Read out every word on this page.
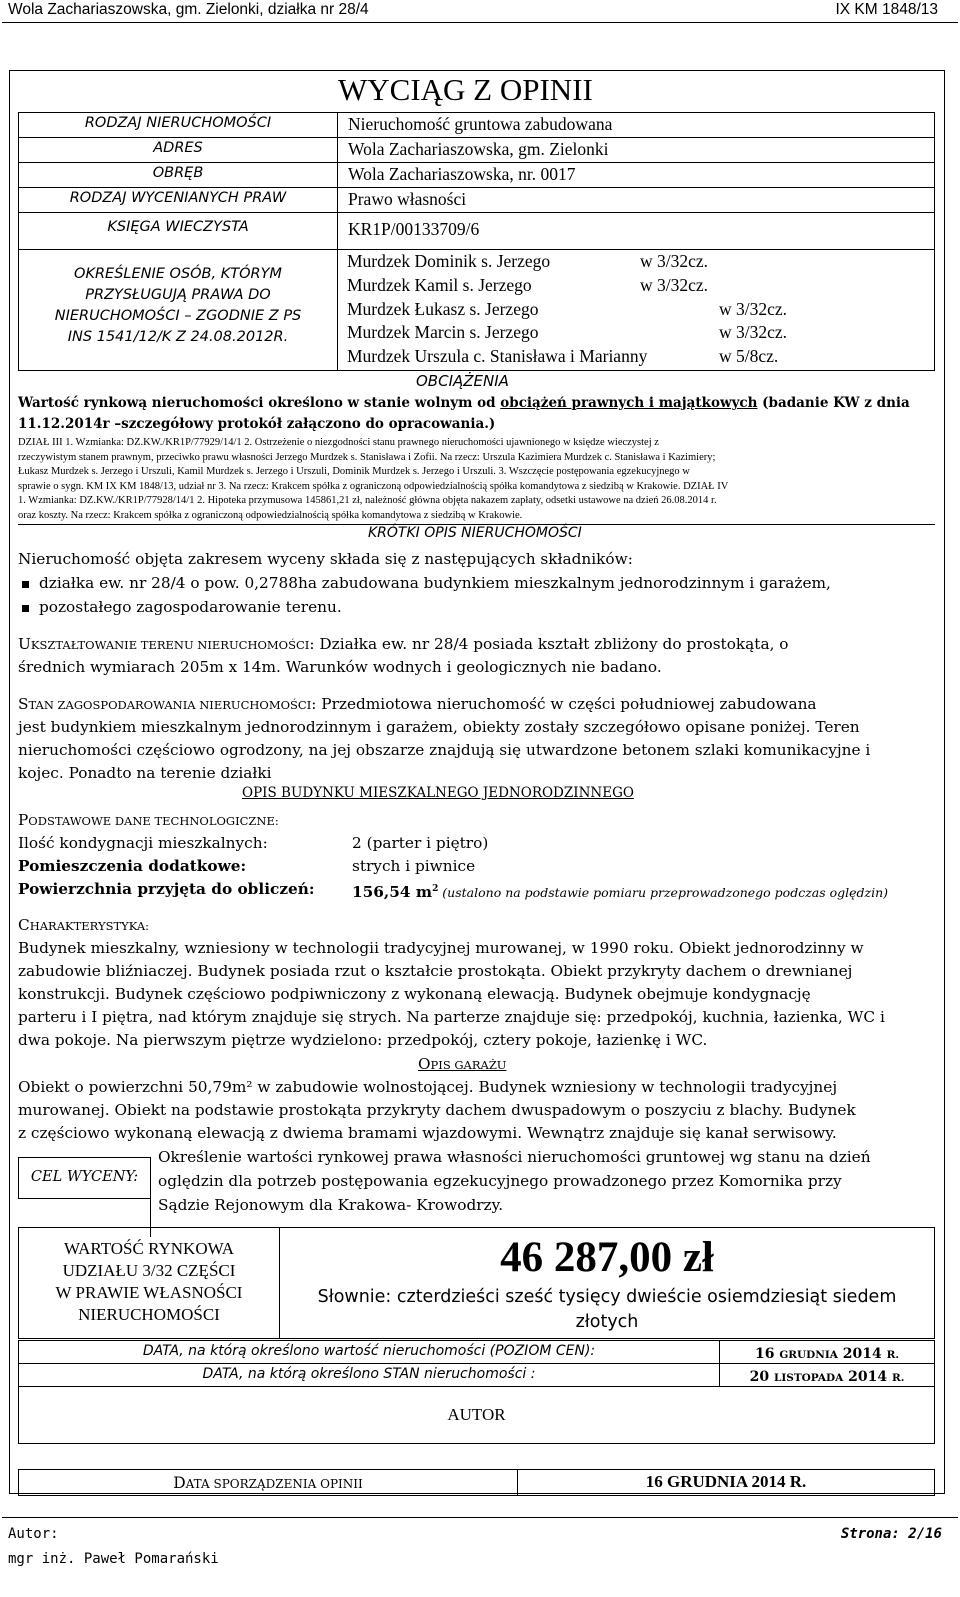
Wola Zachariaszowska, gm. Zielonki, działka nr 28/4	IX KM 1848/13
WYCIĄG Z OPINII
RODZAJ NIERUCHOMOŚCI	Nieruchomość gruntowa zabudowana
ADRES	Wola Zachariaszowska, gm. Zielonki
OBRĘB	Wola Zachariaszowska, nr. 0017
RODZAJ WYCENIANYCH PRAW	Prawo własności
KSIĘGA WIECZYSTA	KR1P/00133709/6
OKREŚLENIE OSÓB, KTÓRYM
PRZYSŁUGUJĄ PRAWA DO
NIERUCHOMOŚCI – ZGODNIE Z PS
INS 1541/12/K Z 24.08.2012R.
Murdzek Dominik s. Jerzego	w 3/32cz.
Murdzek Kamil s. Jerzego	w 3/32cz.
Murdzek Łukasz s. Jerzego	w 3/32cz.
Murdzek Marcin s. Jerzego	w 3/32cz.
Murdzek Urszula c. Stanisława i Marianny	w 5/8cz.
OBCIĄŻENIA
Wartość rynkową nieruchomości określono w stanie wolnym od obciążeń prawnych i majątkowych (badanie KW z dnia
11.12.2014r –szczegółowy protokół załączono do opracowania.)
DZIAŁ III 1. Wzmianka: DZ.KW./KR1P/77929/14/1 2. Ostrzeżenie o niezgodności stanu prawnego nieruchomości ujawnionego w księdze wieczystej z
rzeczywistym stanem prawnym, przeciwko prawu własności Jerzego Murdzek s. Stanisława i Zofii. Na rzecz: Urszula Kazimiera Murdzek c. Stanisława i Kazimiery;
Łukasz Murdzek s. Jerzego i Urszuli, Kamil Murdzek s. Jerzego i Urszuli, Dominik Murdzek s. Jerzego i Urszuli. 3. Wszczęcie postępowania egzekucyjnego w
sprawie o sygn. KM IX KM 1848/13, udział nr 3. Na rzecz: Krakcem spółka z ograniczoną odpowiedzialnością spółka komandytowa z siedzibą w Krakowie. DZIAŁ IV
1. Wzmianka: DZ.KW./KR1P/77928/14/1 2. Hipoteka przymusowa 145861,21 zł, należność główna objęta nakazem zapłaty, odsetki ustawowe na dzień 26.08.2014 r.
oraz koszty. Na rzecz: Krakcem spółka z ograniczoną odpowiedzialnością spółka komandytowa z siedzibą w Krakowie.
KRÓTKI OPIS NIERUCHOMOŚCI
Nieruchomość objęta zakresem wyceny składa się z następujących składników:
działka ew. nr 28/4 o pow. 0,2788ha zabudowana budynkiem mieszkalnym jednorodzinnym i garażem,
pozostałego zagospodarowanie terenu.
UKSZTAŁTOWANIE TERENU NIERUCHOMOŚCI: Działka ew. nr 28/4 posiada kształt zbliżony do prostokąta, o
średnich wymiarach 205m x 14m. Warunków wodnych i geologicznych nie badano.
STAN ZAGOSPODAROWANIA NIERUCHOMOŚCI: Przedmiotowa nieruchomość w części południowej zabudowana
jest budynkiem mieszkalnym jednorodzinnym i garażem, obiekty zostały szczegółowo opisane poniżej. Teren
nieruchomości częściowo ogrodzony, na jej obszarze znajdują się utwardzone betonem szlaki komunikacyjne i
kojec. Ponadto na terenie działki
OPIS BUDYNKU MIESZKALNEGO JEDNORODZINNEGO
PODSTAWOWE DANE TECHNOLOGICZNE:
Ilość kondygnacji mieszkalnych:	2 (parter i piętro)
Pomieszczenia dodatkowe:	strych i piwnice
Powierzchnia przyjęta do obliczeń: 156,54 $m^2$ (ustalono na podstawie pomiaru przeprowadzonego podczas oględzin)
CHARAKTERYSTYKA:
Budynek mieszkalny, wzniesiony w technologii tradycyjnej murowanej, w 1990 roku. Obiekt jednorodzinny w
zabudowie bliźniaczej. Budynek posiada rzut o kształcie prostokąta. Obiekt przykryty dachem o drewnianej
konstrukcji. Budynek częściowo podpiwniczony z wykonaną elewacją. Budynek obejmuje kondygnację
parteru i I piętra, nad którym znajduje się strych. Na parterze znajduje się: przedpokój, kuchnia, łazienka, WC i
dwa pokoje. Na pierwszym piętrze wydzielono: przedpokój, cztery pokoje, łazienkę i WC.
OPIS GARAŻU
Obiekt o powierzchni 50,79m² w zabudowie wolnostojącej. Budynek wzniesiony w technologii tradycyjnej
murowanej. Obiekt na podstawie prostokąta przykryty dachem dwuspadowym o poszyciu z blachy. Budynek
z częściowo wykonaną elewacją z dwiema bramami wjazdowymi. Wewnątrz znajduje się kanał serwisowy.
CEL WYCENY:
Określenie wartości rynkowej prawa własności nieruchomości gruntowej wg stanu na dzień
oględzin dla potrzeb postępowania egzekucyjnego prowadzonego przez Komornika przy
Sądzie Rejonowym dla Krakowa- Krowodrzy.
WARTOŚĆ RYNKOWA
UDZIAŁU 3/32 CZĘŚCI
W PRAWIE WŁASNOŚCI
NIERUCHOMOŚCI
46 287,00 zł
Słownie: czterdzieści sześć tysięcy dwieście osiemdziesiąt siedem
złotych
DATA, na którą określono wartość nieruchomości (POZIOM CEN):	16 GRUDNIA 2014 R.
DATA, na którą określono STAN nieruchomości :	20 LISTOPADA 2014 R.
AUTOR
DATA SPORZĄDZENIA OPINII	16 GRUDNIA 2014 R.
Autor:
mgr inż. Paweł Pomarański
Strona: 2/16
